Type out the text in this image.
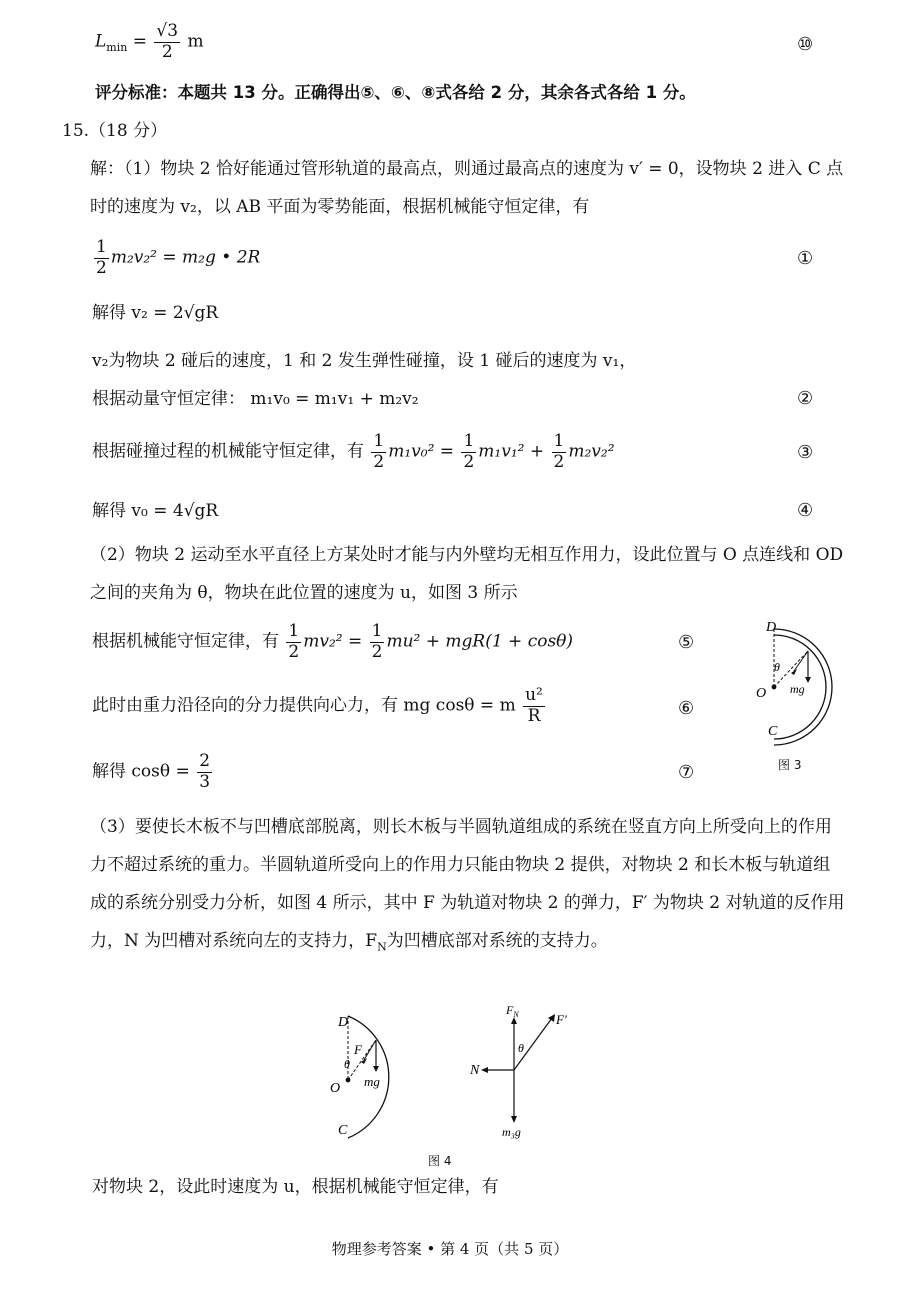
$L_{min} = \frac{√3}{2}$ m	⑩
评分标准：本题共 13 分。正确得出⑤、⑥、⑧式各给 2 分，其余各式各给 1 分。
15.（18 分）
解：（1）物块 2 恰好能通过管形轨道的最高点，则通过最高点的速度为 v′ = 0，设物块 2 进入 C 点时的速度为 v₂，以 AB 平面为零势能面，根据机械能守恒定律，有
$\frac{1}{2} m_2v_2^2 = m_2g$ • 2R	①
解得 v₂ = 2√gR
v₂为物块 2 碰后的速度，1 和 2 发生弹性碰撞，设 1 碰后的速度为 v₁，
根据动量守恒定律： m₁v₀ = m₁v₁ + m₂v₂	②
根据碰撞过程的机械能守恒定律，有 $\frac{1}{2} m_1v_0^2 = \frac{1}{2} m_1v_1^2 + \frac{1}{2} m_2v_2^2$	③
解得 v₀ = 4√gR	④
（2）物块 2 运动至水平直径上方某处时才能与内外壁均无相互作用力，设此位置与 O 点连线和 OD 之间的夹角为 θ，物块在此位置的速度为 u，如图 3 所示
根据机械能守恒定律，有 $\frac{1}{2} mv_2^2 = \frac{1}{2} mu^2 + mgR(1 + \cos\theta)$	⑤
此时由重力沿径向的分力提供向心力，有 mg cosθ = m $\frac{\text{u²}}{R}$	⑥
解得 $\cos\theta = \frac{2}{3}$	⑦
D
θ
mg
O
C
图 3
（3）要使长木板不与凹槽底部脱离，则长木板与半圆轨道组成的系统在竖直方向上所受向上的作用力不超过系统的重力。半圆轨道所受向上的作用力只能由物块 2 提供，对物块 2 和长木板与轨道组成的系统分别受力分析，如图 4 所示，其中 F 为轨道对物块 2 的弹力，F′ 为物块 2 对轨道的反作用力，N 为凹槽对系统向左的支持力，$F_N$为凹槽底部对系统的支持力。
D
F
θ
mg
O
C
$F_N$	F′
θ
N
m₃g
图 4
对物块 2，设此时速度为 u，根据机械能守恒定律，有
物理参考答案 • 第 4 页（共 5 页）
